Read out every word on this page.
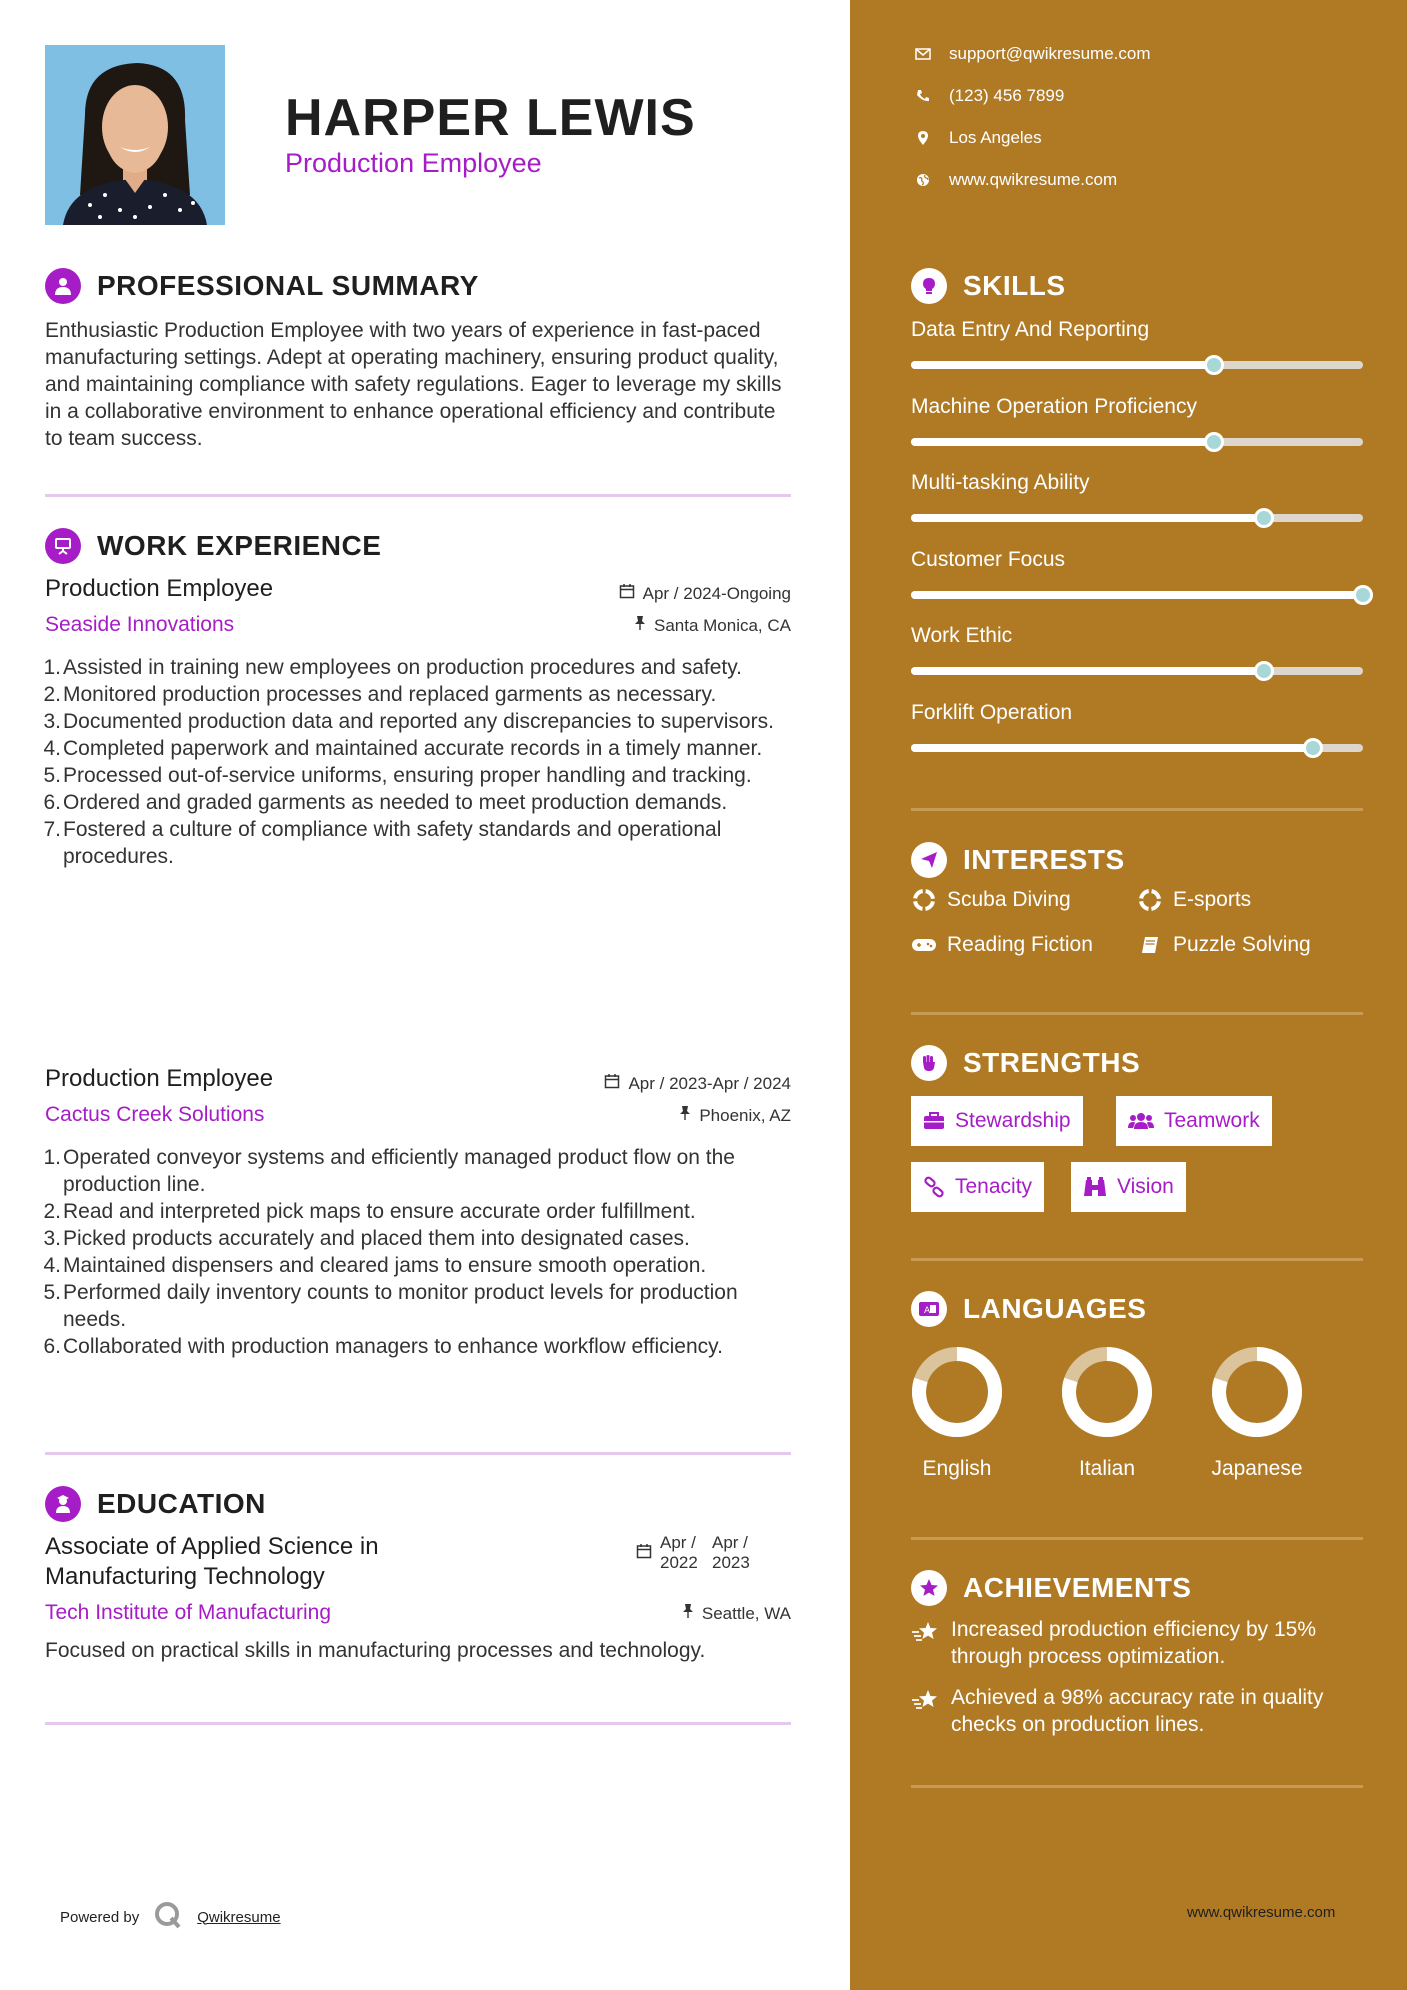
HARPER LEWIS
Production Employee
PROFESSIONAL SUMMARY
Enthusiastic Production Employee with two years of experience in fast-paced manufacturing settings. Adept at operating machinery, ensuring product quality, and maintaining compliance with safety regulations. Eager to leverage my skills in a collaborative environment to enhance operational efficiency and contribute to team success.
WORK EXPERIENCE
Production Employee
Seaside Innovations
Apr / 2024-Ongoing
Santa Monica, CA
1. Assisted in training new employees on production procedures and safety.
2. Monitored production processes and replaced garments as necessary.
3. Documented production data and reported any discrepancies to supervisors.
4. Completed paperwork and maintained accurate records in a timely manner.
5. Processed out-of-service uniforms, ensuring proper handling and tracking.
6. Ordered and graded garments as needed to meet production demands.
7. Fostered a culture of compliance with safety standards and operational procedures.
Production Employee
Cactus Creek Solutions
Apr / 2023-Apr / 2024
Phoenix, AZ
1. Operated conveyor systems and efficiently managed product flow on the production line.
2. Read and interpreted pick maps to ensure accurate order fulfillment.
3. Picked products accurately and placed them into designated cases.
4. Maintained dispensers and cleared jams to ensure smooth operation.
5. Performed daily inventory counts to monitor product levels for production needs.
6. Collaborated with production managers to enhance workflow efficiency.
EDUCATION
Associate of Applied Science in Manufacturing Technology
Tech Institute of Manufacturing
Apr / 2022
Apr / 2023
Seattle, WA
Focused on practical skills in manufacturing processes and technology.
Powered by	Qwikresume
support@qwikresume.com
(123) 456 7899
Los Angeles
www.qwikresume.com
SKILLS
Data Entry And Reporting
Machine Operation Proficiency
Multi-tasking Ability
Customer Focus
Work Ethic
Forklift Operation
INTERESTS
Scuba Diving	E-sports
Reading Fiction	Puzzle Solving
STRENGTHS
Stewardship	Teamwork
Tenacity	Vision
A LANGUAGES
English	Italian	Japanese
ACHIEVEMENTS
Increased production efficiency by 15% through process optimization.
Achieved a 98% accuracy rate in quality checks on production lines.
www.qwikresume.com
